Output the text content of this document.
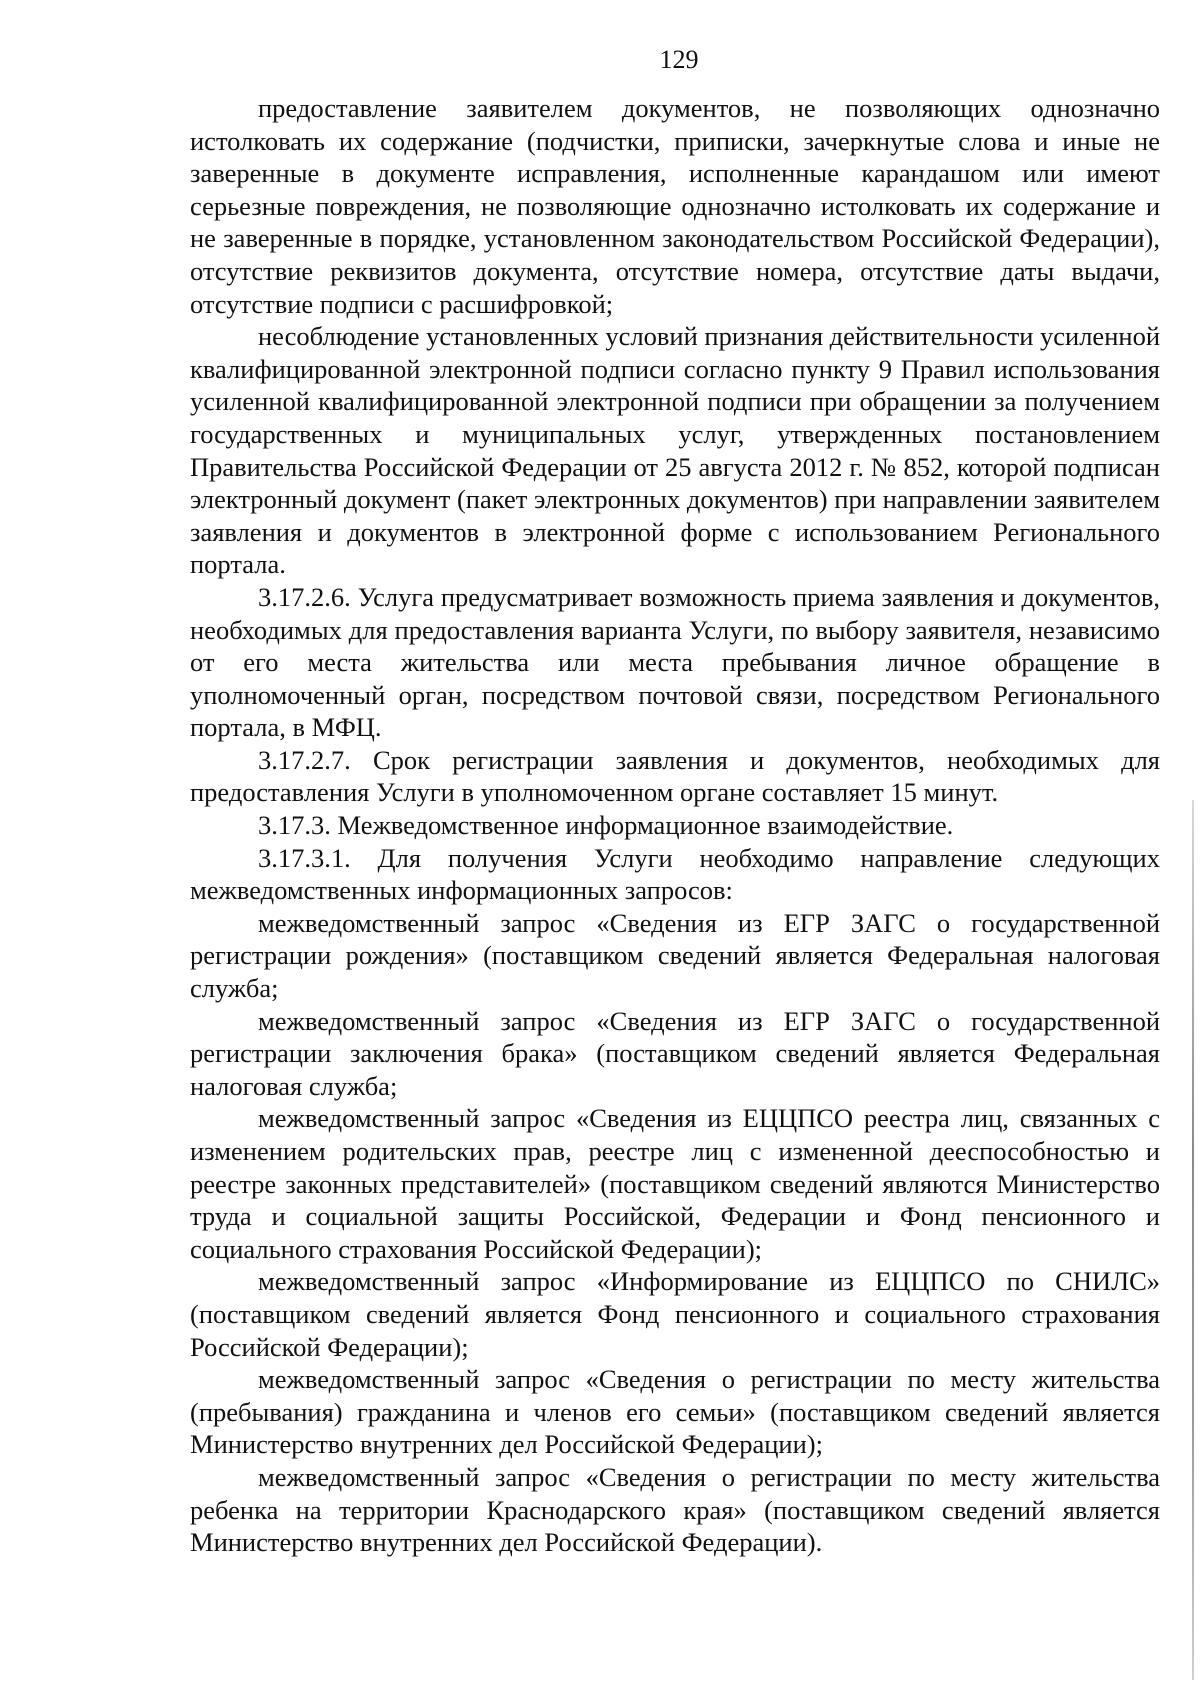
129

предоставление заявителем документов, не позволяющих однозначно истолковать их содержание (подчистки, приписки, зачеркнутые слова и иные не заверенные в документе исправления, исполненные карандашом или имеют серьезные повреждения, не позволяющие однозначно истолковать их содержание и не заверенные в порядке, установленном законодательством Российской Федерации), отсутствие реквизитов документа, отсутствие номера, отсутствие даты выдачи, отсутствие подписи с расшифровкой;

несоблюдение установленных условий признания действительности усиленной квалифицированной электронной подписи согласно пункту 9 Правил использования усиленной квалифицированной электронной подписи при обращении за получением государственных и муниципальных услуг, утвержденных постановлением Правительства Российской Федерации от 25 августа 2012 г. № 852, которой подписан электронный документ (пакет электронных документов) при направлении заявителем заявления и документов в электронной форме с использованием Регионального портала.

3.17.2.6. Услуга предусматривает возможность приема заявления и документов, необходимых для предоставления варианта Услуги, по выбору заявителя, независимо от его места жительства или места пребывания личное обращение в уполномоченный орган, посредством почтовой связи, посредством Регионального портала, в МФЦ.

3.17.2.7. Срок регистрации заявления и документов, необходимых для предоставления Услуги в уполномоченном органе составляет 15 минут.

3.17.3. Межведомственное информационное взаимодействие.

3.17.3.1. Для получения Услуги необходимо направление следующих межведомственных информационных запросов:

межведомственный запрос «Сведения из ЕГР ЗАГС о государственной регистрации рождения» (поставщиком сведений является Федеральная налоговая служба;

межведомственный запрос «Сведения из ЕГР ЗАГС о государственной регистрации заключения брака» (поставщиком сведений является Федеральная налоговая служба;

межведомственный запрос «Сведения из ЕЦЦПСО реестра лиц, связанных с изменением родительских прав, реестре лиц с измененной дееспособностью и реестре законных представителей» (поставщиком сведений являются Министерство труда и социальной защиты Российской, Федерации и Фонд пенсионного и социального страхования Российской Федерации);

межведомственный запрос «Информирование из ЕЦЦПСО по СНИЛС» (поставщиком сведений является Фонд пенсионного и социального страхования Российской Федерации);

межведомственный запрос «Сведения о регистрации по месту жительства (пребывания) гражданина и членов его семьи» (поставщиком сведений является Министерство внутренних дел Российской Федерации);

межведомственный запрос «Сведения о регистрации по месту жительства ребенка на территории Краснодарского края» (поставщиком сведений является Министерство внутренних дел Российской Федерации).
